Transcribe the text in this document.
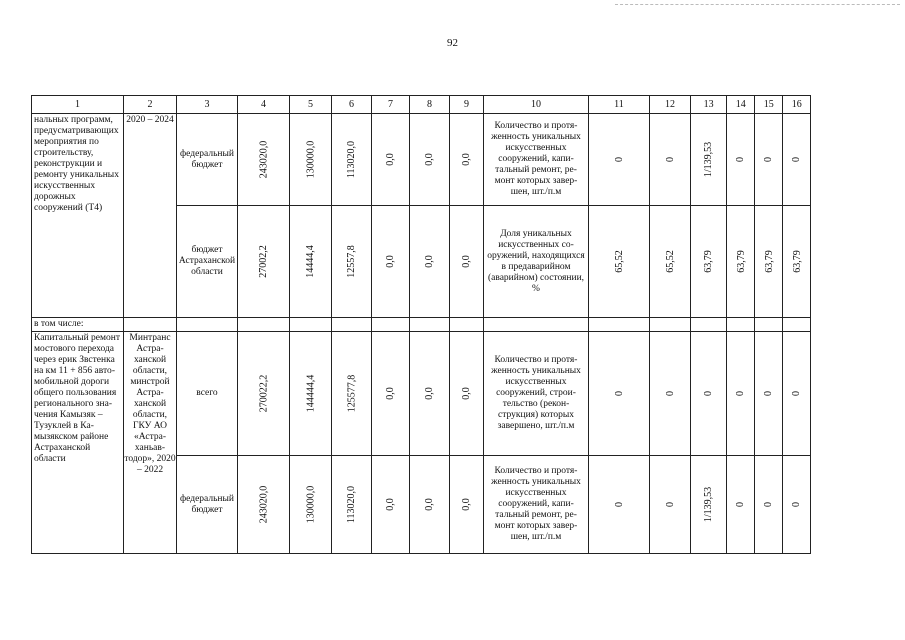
92
1	2	3	4	5	6	7	8	9	10	11	12	13	14	15	16
нальных программ, предусматривающих мероприятия по строительству, реконструкции и ремонту уникальных искусственных дорожных сооружений (Т4)	2020 – 2024	федеральный бюджет	243020,0	130000,0	113020,0	0,0	0,0	0,0	Количество и протяженность уникальных искусственных сооружений, капитальный ремонт, ремонт которых завершен, шт./п.м	0	0	1/139,53	0	0	0
		бюджет Астраханской области	27002,2	14444,4	12557,8	0,0	0,0	0,0	Доля уникальных искусственных сооружений, находящихся в предаварийном (аварийном) состоянии, %	65,52	65,52	63,79	63,79	63,79	63,79
в том числе:															
Капитальный ремонт мостового перехода через ерик Звстенка на км 11 + 856 автомобильной дороги общего пользования регионального значения Камызяк – Тузуклей в Камызякском районе Астраханской области	Минтранс Астраханской области, минстрой Астраханской области, ГКУ АО «Астраханьавтодор», 2020 – 2022	всего	270022,2	144444,4	125577,8	0,0	0,0	0,0	Количество и протяженность уникальных искусственных сооружений, строительство (реконструкция) которых завершено, шт./п.м	0	0	0	0	0	0
		федеральный бюджет	243020,0	130000,0	113020,0	0,0	0,0	0,0	Количество и протяженность уникальных искусственных сооружений, капитальный ремонт, ремонт которых завершен, шт./п.м	0	0	1/139,53	0	0	0
